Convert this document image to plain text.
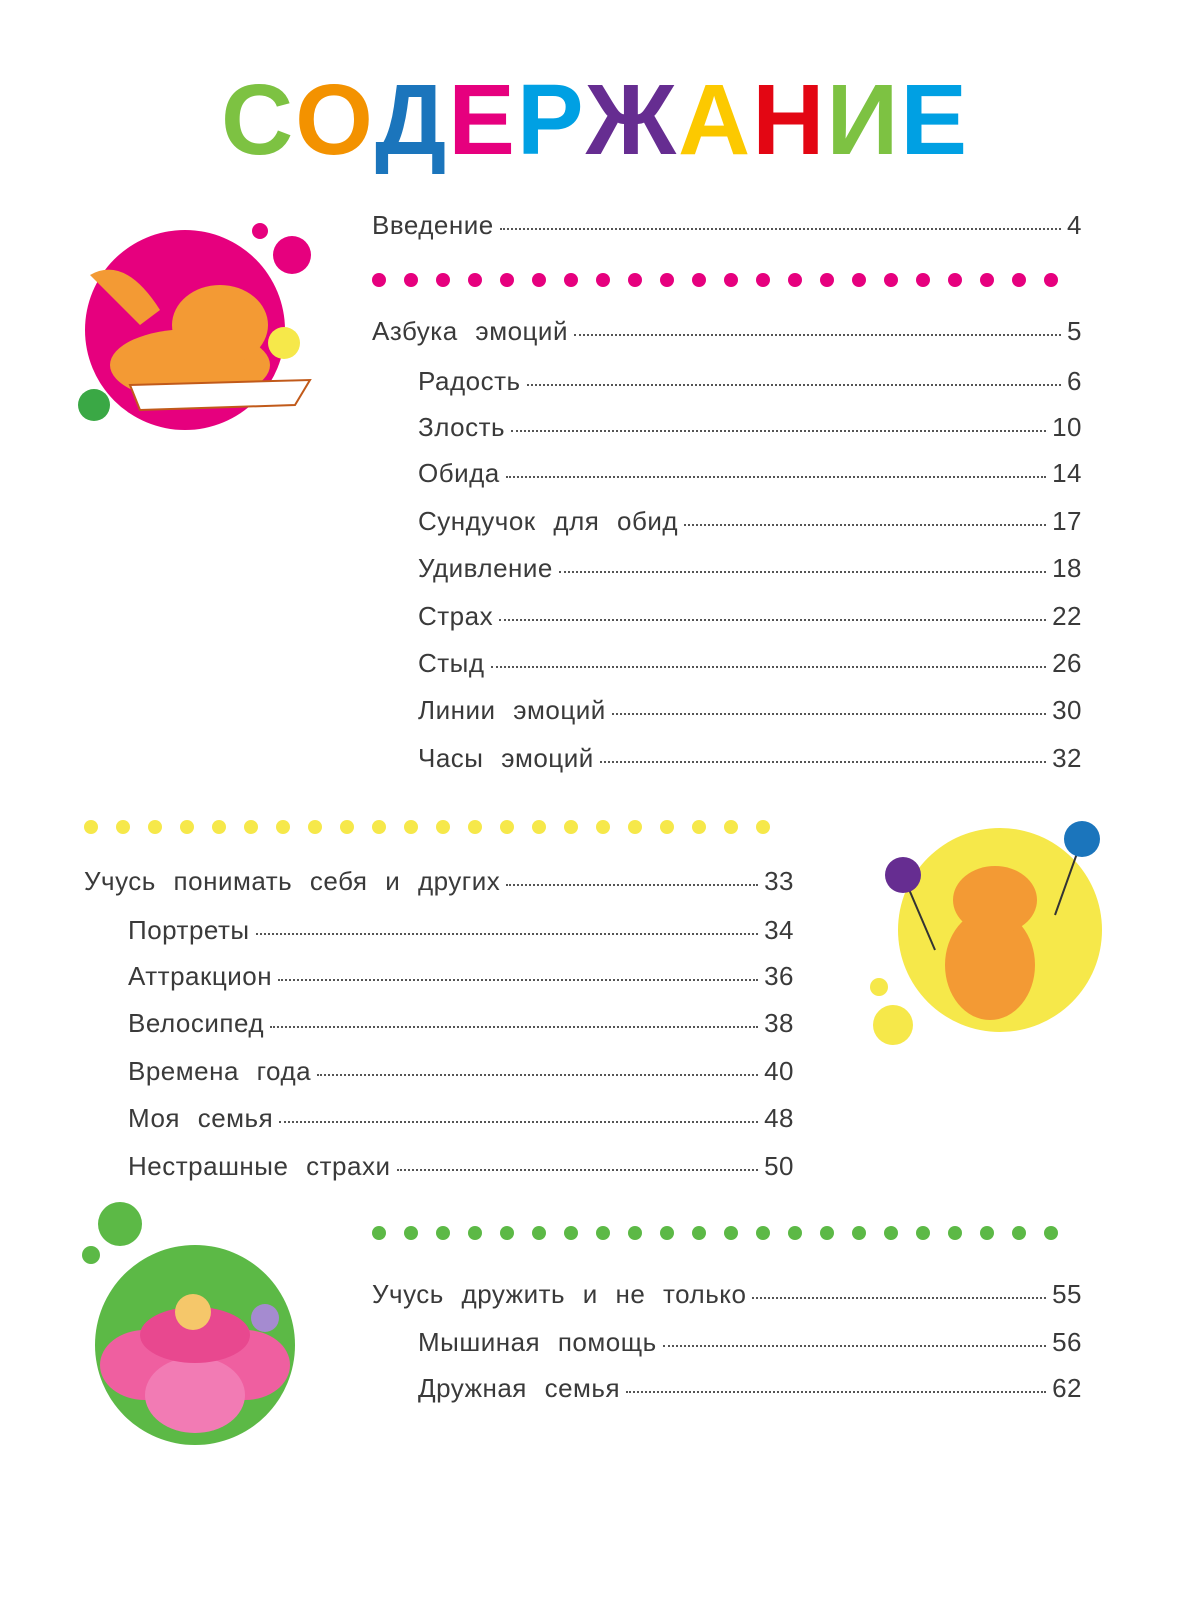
СОДЕРЖАНИЕ
Введение	4
Азбука эмоций	5
Радость	6
Злость	10
Обида	14
Сундучок для обид	17
Удивление	18
Страх	22
Стыд	26
Линии эмоций	30
Часы эмоций	32
Учусь понимать себя и других	33
Портреты	34
Аттракцион	36
Велосипед	38
Времена года	40
Моя семья	48
Нестрашные страхи	50
Учусь дружить и не только	55
Мышиная помощь	56
Дружная семья	62
